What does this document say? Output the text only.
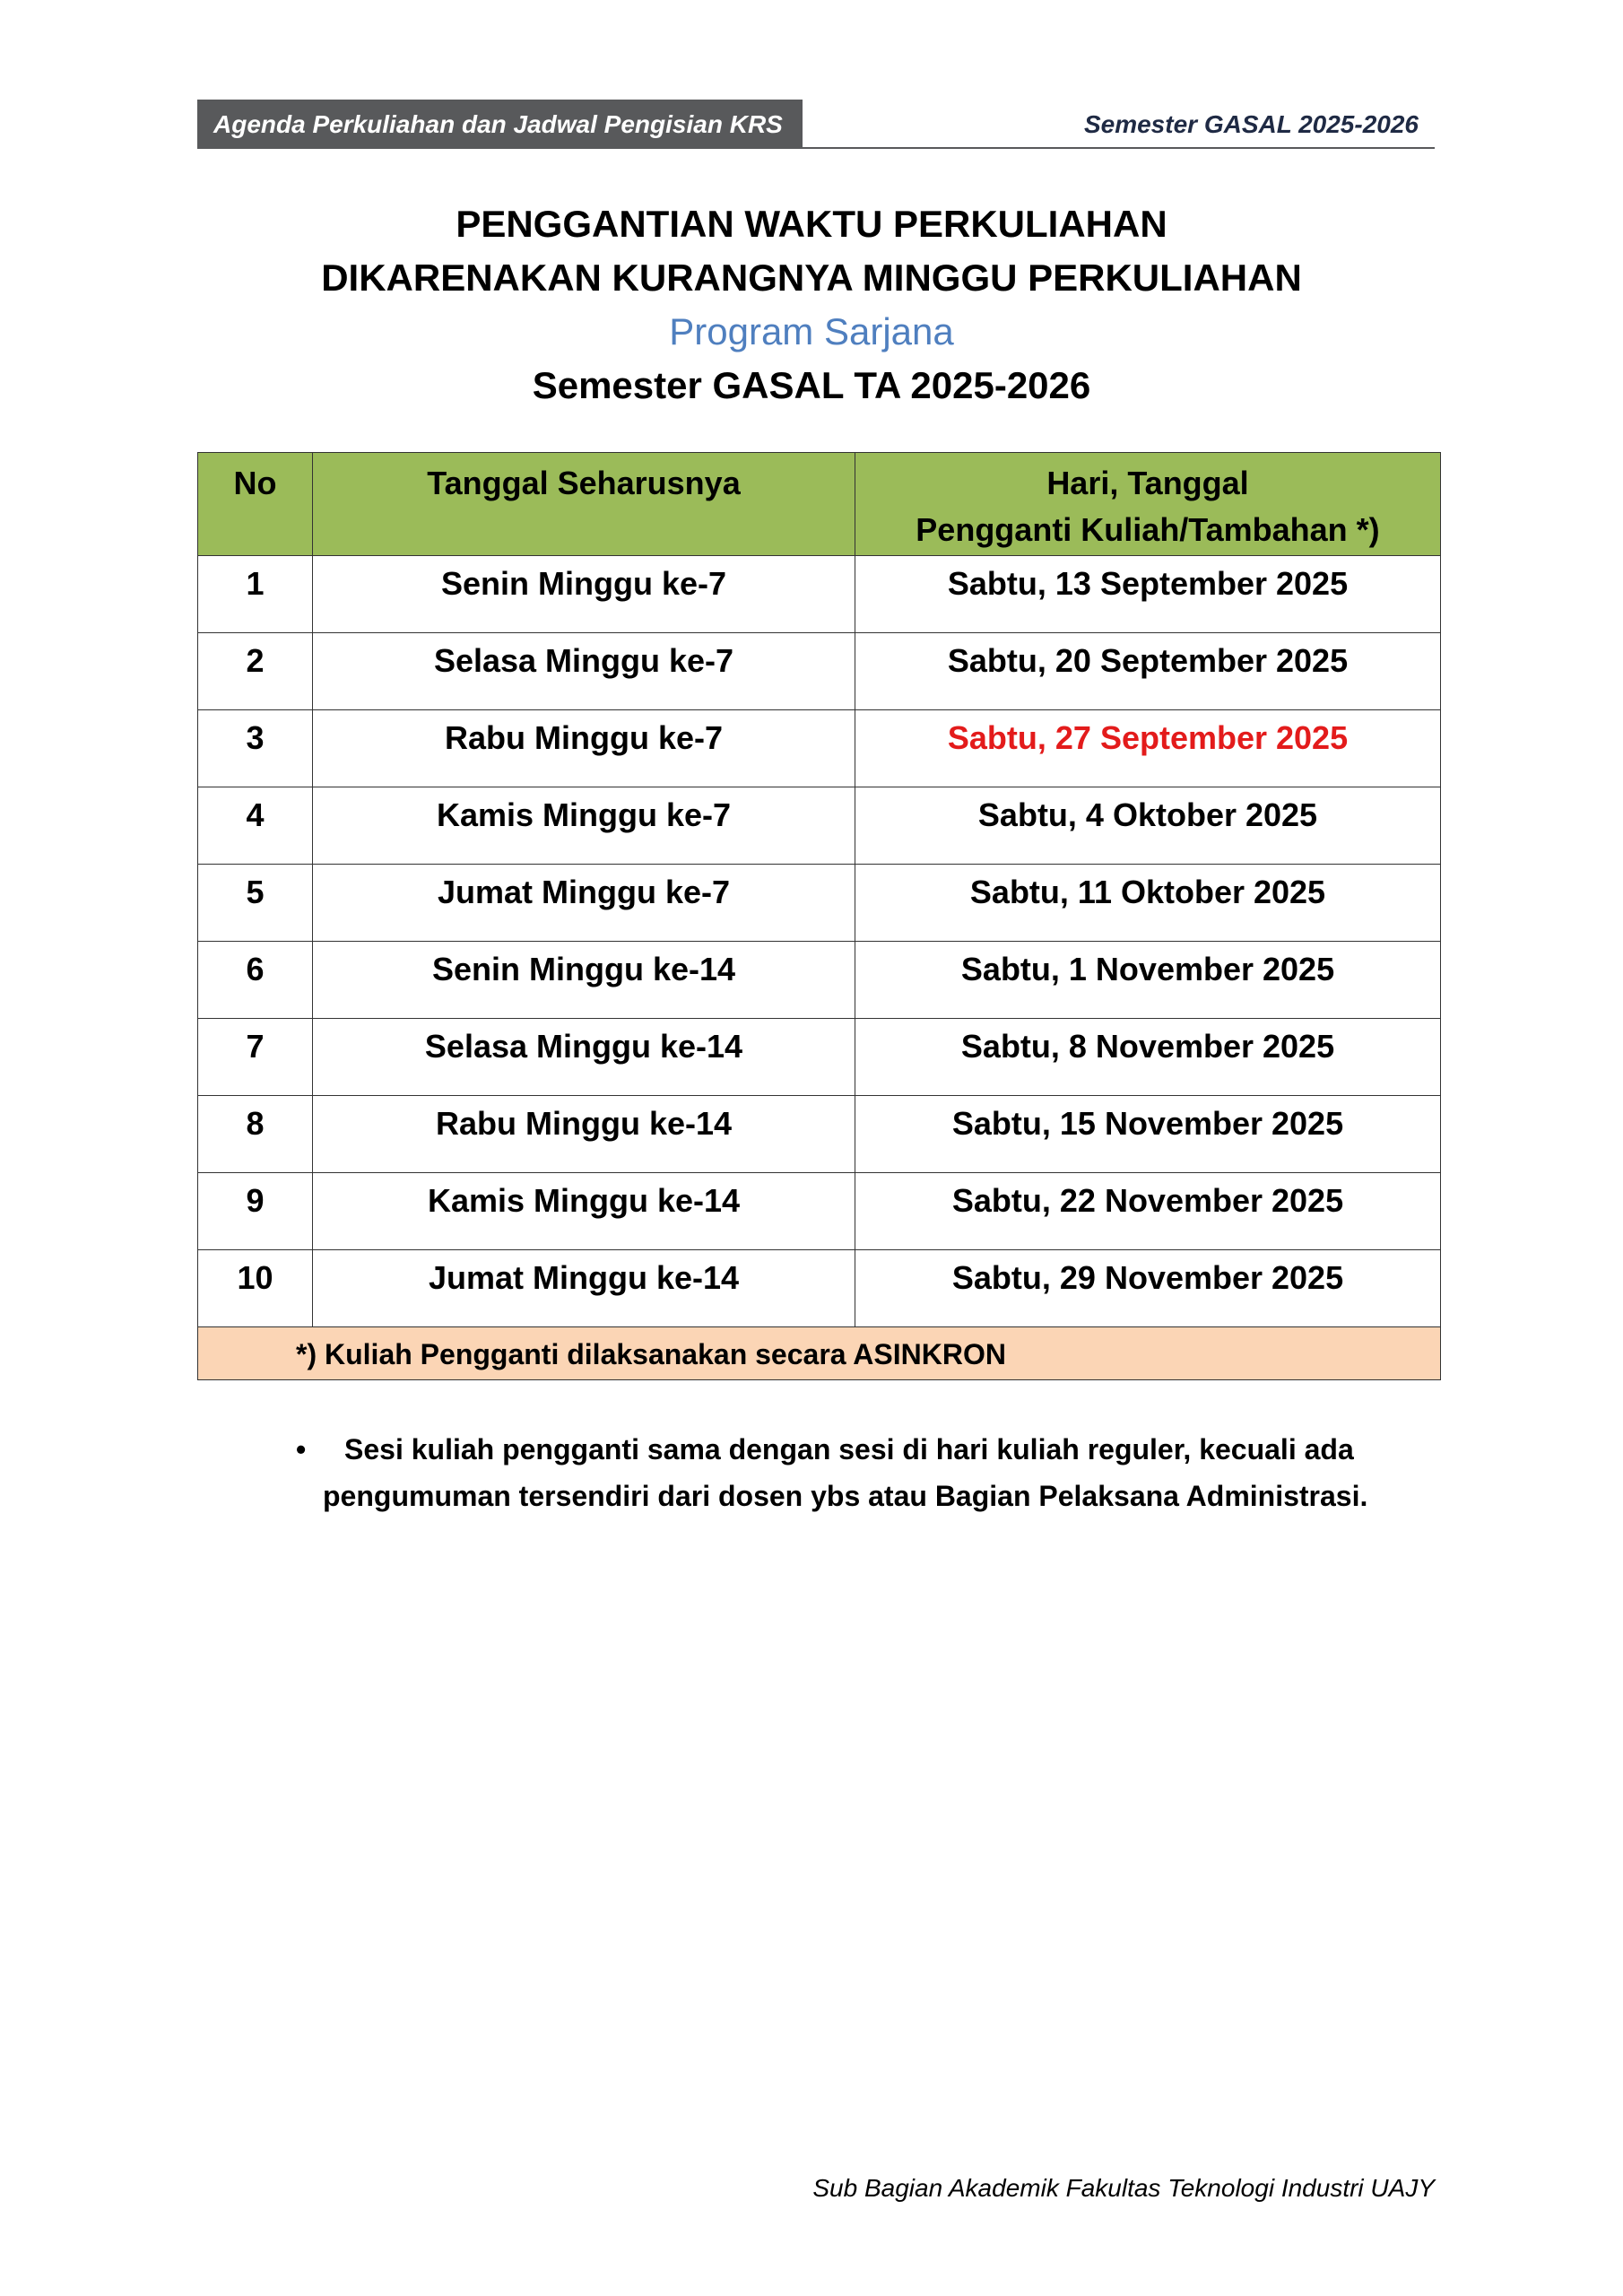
Agenda Perkuliahan dan Jadwal Pengisian KRS	Semester GASAL 2025-2026
PENGGANTIAN WAKTU PERKULIAHAN
DIKARENAKAN KURANGNYA MINGGU PERKULIAHAN
Program Sarjana
Semester GASAL TA 2025-2026
No	Tanggal Seharusnya	Hari, Tanggal
Pengganti Kuliah/Tambahan *)
1	Senin Minggu ke-7	Sabtu, 13 September 2025
2	Selasa Minggu ke-7	Sabtu, 20 September 2025
3	Rabu Minggu ke-7	Sabtu, 27 September 2025
4	Kamis Minggu ke-7	Sabtu, 4 Oktober 2025
5	Jumat Minggu ke-7	Sabtu, 11 Oktober 2025
6	Senin Minggu ke-14	Sabtu, 1 November 2025
7	Selasa Minggu ke-14	Sabtu, 8 November 2025
8	Rabu Minggu ke-14	Sabtu, 15 November 2025
9	Kamis Minggu ke-14	Sabtu, 22 November 2025
10	Jumat Minggu ke-14	Sabtu, 29 November 2025

*) Kuliah Pengganti dilaksanakan secara ASINKRON
•	Sesi kuliah pengganti sama dengan sesi di hari kuliah reguler, kecuali ada
pengumuman tersendiri dari dosen ybs atau Bagian Pelaksana Administrasi.
Sub Bagian Akademik Fakultas Teknologi Industri UAJY
